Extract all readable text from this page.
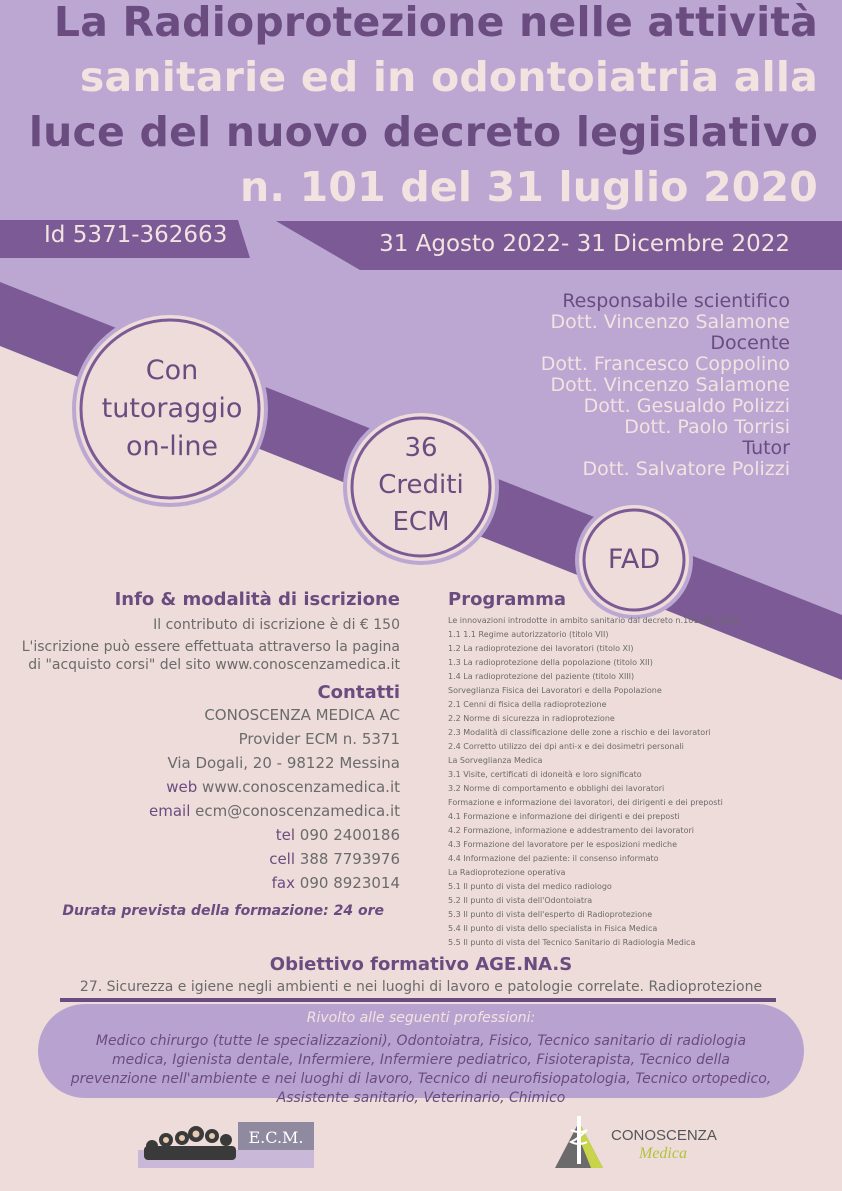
La Radioprotezione nelle attività
sanitarie ed in odontoiatria alla
luce del nuovo decreto legislativo
n. 101 del 31 luglio 2020
Id 5371-362663	31 Agosto 2022- 31 Dicembre 2022
Con
tutoraggio
on-line	36
Crediti
ECM
FAD
Responsabile scientifico
Dott. Vincenzo Salamone
Docente
Dott. Francesco Coppolino
Dott. Vincenzo Salamone
Dott. Gesualdo Polizzi
Dott. Paolo Torrisi
Tutor
Dott. Salvatore Polizzi
Info & modalità di iscrizione
Il contributo di iscrizione è di € 150
L'iscrizione può essere effettuata attraverso la pagina
di "acquisto corsi" del sito www.conoscenzamedica.it
Contatti
CONOSCENZA MEDICA AC
Provider ECM n. 5371
Via Dogali, 20 - 98122 Messina
web www.conoscenzamedica.it
email ecm@conoscenzamedica.it
tel 090 2400186
cell 388 7793976
fax 090 8923014
Durata prevista della formazione: 24 ore
Programma
Le innovazioni introdotte in ambito sanitario dal decreto n.101 del. 2020
1.1 1.1 Regime autorizzatorio (titolo VII)
1.2 La radioprotezione dei lavoratori (titolo XI)
1.3 La radioprotezione della popolazione (titolo XII)
1.4 La radioprotezione del paziente (titolo XIII)
Sorveglianza Fisica dei Lavoratori e della Popolazione
2.1 Cenni di fisica della radioprotezione
2.2 Norme di sicurezza in radioprotezione
2.3 Modalità di classificazione delle zone a rischio e dei lavoratori
2.4 Corretto utilizzo dei dpi anti-x e dei dosimetri personali
La Sorveglianza Medica
3.1 Visite, certificati di idoneità e loro significato
3.2 Norme di comportamento e obblighi dei lavoratori
Formazione e informazione dei lavoratori, dei dirigenti e dei preposti
4.1 Formazione e informazione dei dirigenti e dei preposti
4.2 Formazione, informazione e addestramento dei lavoratori
4.3 Formazione del lavoratore per le esposizioni mediche
4.4 Informazione del paziente: il consenso informato
La Radioprotezione operativa
5.1 Il punto di vista del medico radiologo
5.2 Il punto di vista dell'Odontoiatra
5.3 Il punto di vista dell'esperto di Radioprotezione
5.4 Il punto di vista dello specialista in Fisica Medica
5.5 Il punto di vista del Tecnico Sanitario di Radiologia Medica
Obiettivo formativo AGE.NA.S
27. Sicurezza e igiene negli ambienti e nei luoghi di lavoro e patologie correlate. Radioprotezione
Rivolto alle seguenti professioni:
Medico chirurgo (tutte le specializzazioni), Odontoiatra, Fisico, Tecnico sanitario di radiologia medica, Igienista dentale, Infermiere, Infermiere pediatrico, Fisioterapista, Tecnico della prevenzione nell'ambiente e nei luoghi di lavoro, Tecnico di neurofisiopatologia, Tecnico ortopedico, Assistente sanitario, Veterinario, Chimico
E.C.M.	CONOSCENZA
Medica
